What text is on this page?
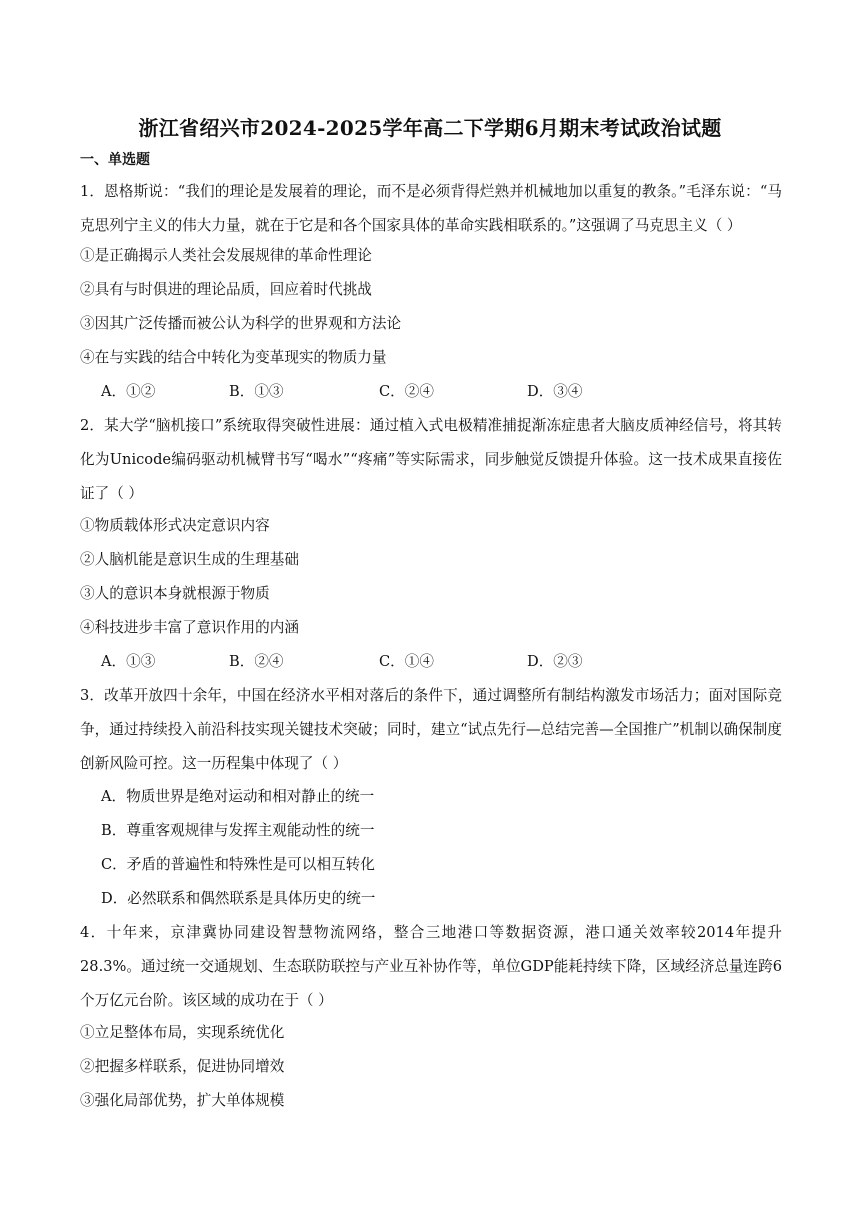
浙江省绍兴市2024-2025学年高二下学期6月期末考试政治试题
一、单选题
1．恩格斯说：“我们的理论是发展着的理论，而不是必须背得烂熟并机械地加以重复的教条。”毛泽东说：“马克思列宁主义的伟大力量，就在于它是和各个国家具体的革命实践相联系的。”这强调了马克思主义（ ）
①是正确揭示人类社会发展规律的革命性理论
②具有与时俱进的理论品质，回应着时代挑战
③因其广泛传播而被公认为科学的世界观和方法论
④在与实践的结合中转化为变革现实的物质力量
A．①②	B．①③	C．②④	D．③④
2．某大学“脑机接口”系统取得突破性进展：通过植入式电极精准捕捉渐冻症患者大脑皮质神经信号，将其转化为Unicode编码驱动机械臂书写“喝水”“疼痛”等实际需求，同步触觉反馈提升体验。这一技术成果直接佐证了（ ）
①物质载体形式决定意识内容
②人脑机能是意识生成的生理基础
③人的意识本身就根源于物质
④科技进步丰富了意识作用的内涵
A．①③	B．②④	C．①④	D．②③
3．改革开放四十余年，中国在经济水平相对落后的条件下，通过调整所有制结构激发市场活力；面对国际竞争，通过持续投入前沿科技实现关键技术突破；同时，建立“试点先行—总结完善—全国推广”机制以确保制度创新风险可控。这一历程集中体现了（ ）
A．物质世界是绝对运动和相对静止的统一
B．尊重客观规律与发挥主观能动性的统一
C．矛盾的普遍性和特殊性是可以相互转化
D．必然联系和偶然联系是具体历史的统一
4．十年来，京津冀协同建设智慧物流网络，整合三地港口等数据资源，港口通关效率较2014年提升28.3%。通过统一交通规划、生态联防联控与产业互补协作等，单位GDP能耗持续下降，区域经济总量连跨6个万亿元台阶。该区域的成功在于（ ）
①立足整体布局，实现系统优化
②把握多样联系，促进协同增效
③强化局部优势，扩大单体规模
